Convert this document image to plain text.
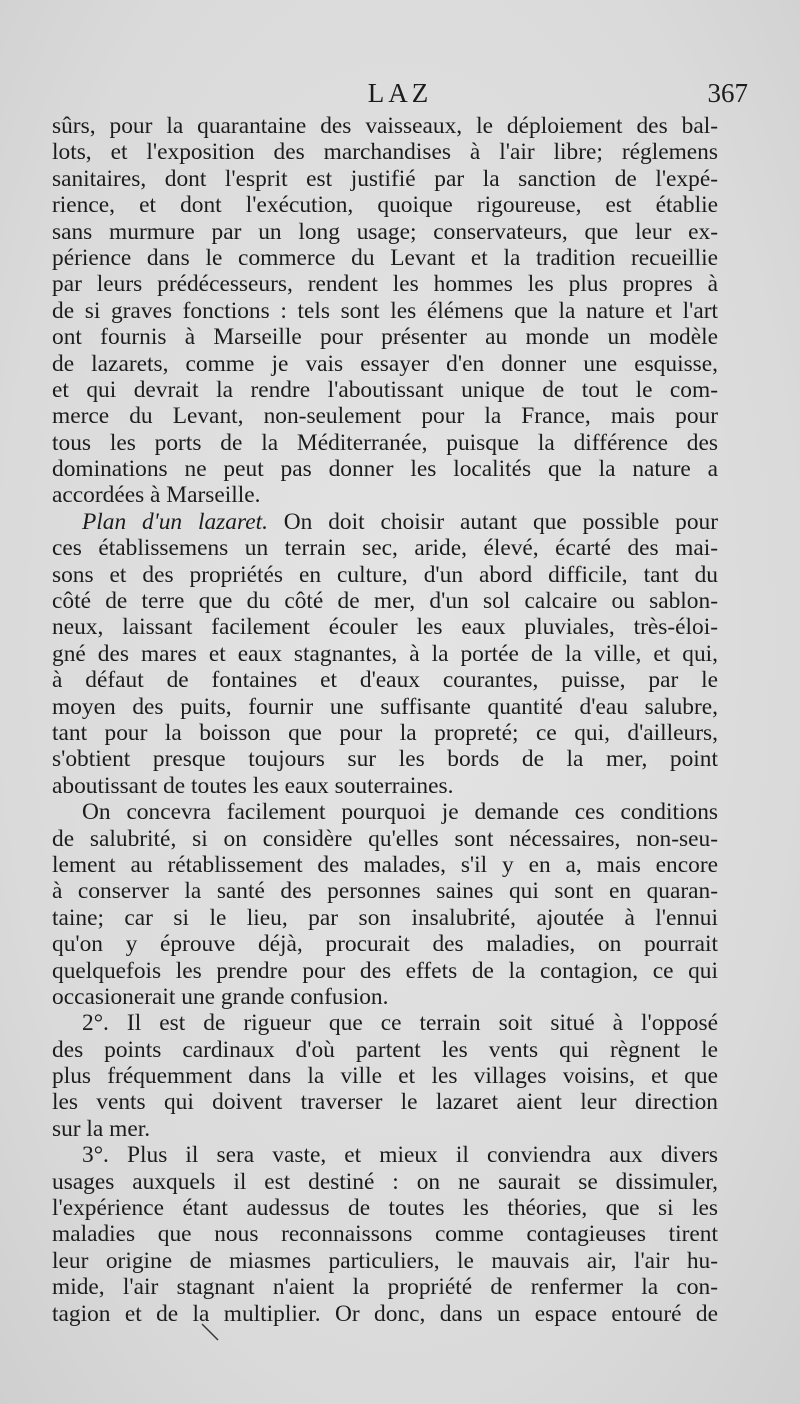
LAZ	367
sûrs, pour la quarantaine des vaisseaux, le déploiement des bal-
lots, et l'exposition des marchandises à l'air libre; réglemens
sanitaires, dont l'esprit est justifié par la sanction de l'expé-
rience, et dont l'exécution, quoique rigoureuse, est établie
sans murmure par un long usage; conservateurs, que leur ex-
périence dans le commerce du Levant et la tradition recueillie
par leurs prédécesseurs, rendent les hommes les plus propres à
de si graves fonctions : tels sont les élémens que la nature et l'art
ont fournis à Marseille pour présenter au monde un modèle
de lazarets, comme je vais essayer d'en donner une esquisse,
et qui devrait la rendre l'aboutissant unique de tout le com-
merce du Levant, non-seulement pour la France, mais pour
tous les ports de la Méditerranée, puisque la différence des
dominations ne peut pas donner les localités que la nature a
accordées à Marseille.
Plan d'un lazaret. On doit choisir autant que possible pour
ces établissemens un terrain sec, aride, élevé, écarté des mai-
sons et des propriétés en culture, d'un abord difficile, tant du
côté de terre que du côté de mer, d'un sol calcaire ou sablon-
neux, laissant facilement écouler les eaux pluviales, très-éloi-
gné des mares et eaux stagnantes, à la portée de la ville, et qui,
à défaut de fontaines et d'eaux courantes, puisse, par le
moyen des puits, fournir une suffisante quantité d'eau salubre,
tant pour la boisson que pour la propreté; ce qui, d'ailleurs,
s'obtient presque toujours sur les bords de la mer, point
aboutissant de toutes les eaux souterraines.
On concevra facilement pourquoi je demande ces conditions
de salubrité, si on considère qu'elles sont nécessaires, non-seu-
lement au rétablissement des malades, s'il y en a, mais encore
à conserver la santé des personnes saines qui sont en quaran-
taine; car si le lieu, par son insalubrité, ajoutée à l'ennui
qu'on y éprouve déjà, procurait des maladies, on pourrait
quelquefois les prendre pour des effets de la contagion, ce qui
occasionerait une grande confusion.
2°. Il est de rigueur que ce terrain soit situé à l'opposé
des points cardinaux d'où partent les vents qui règnent le
plus fréquemment dans la ville et les villages voisins, et que
les vents qui doivent traverser le lazaret aient leur direction
sur la mer.
3°. Plus il sera vaste, et mieux il conviendra aux divers
usages auxquels il est destiné : on ne saurait se dissimuler,
l'expérience étant audessus de toutes les théories, que si les
maladies que nous reconnaissons comme contagieuses tirent
leur origine de miasmes particuliers, le mauvais air, l'air hu-
mide, l'air stagnant n'aient la propriété de renfermer la con-
tagion et de la multiplier. Or donc, dans un espace entouré de
